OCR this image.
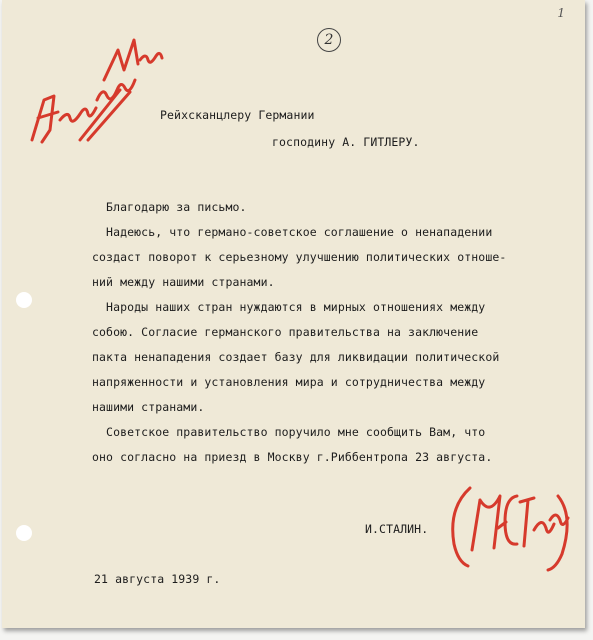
1
2
Рейхсканцлеру Германии
господину А. ГИТЛЕРУ.
Благодарю за письмо.
Надеюсь, что германо-советское соглашение о ненападении
создаст поворот к серьезному улучшению политических отноше-
ний между нашими странами.
Народы наших стран нуждаются в мирных отношениях между
собою. Согласие германского правительства на заключение
пакта ненападения создает базу для ликвидации политической
напряженности и установления мира и сотрудничества между
нашими странами.
Советское правительство поручило мне сообщить Вам, что
оно согласно на приезд в Москву г.Риббентропа 23 августа.
И.СТАЛИН.
21 августа 1939 г.
